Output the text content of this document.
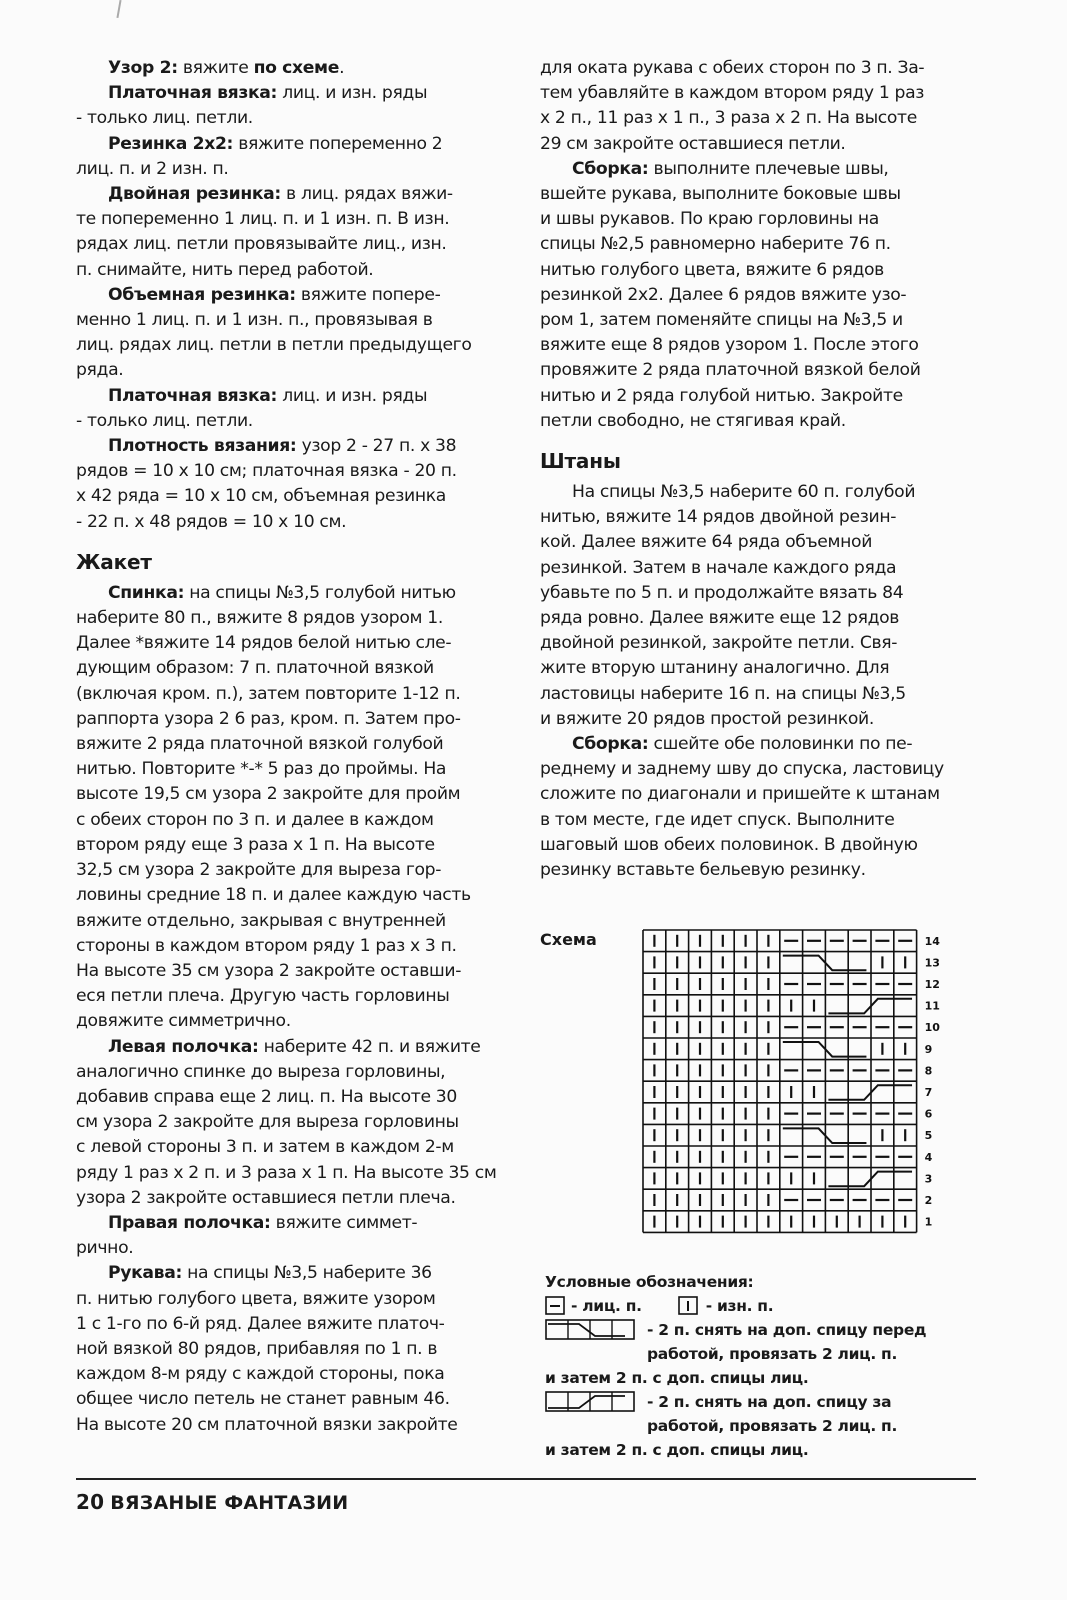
Узор 2: вяжите по схеме.
Платочная вязка: лиц. и изн. ряды
- только лиц. петли.
Резинка 2x2: вяжите попеременно 2
лиц. п. и 2 изн. п.
Двойная резинка: в лиц. рядах вяжи-
те попеременно 1 лиц. п. и 1 изн. п. В изн.
рядах лиц. петли провязывайте лиц., изн.
п. снимайте, нить перед работой.
Объемная резинка: вяжите попере-
менно 1 лиц. п. и 1 изн. п., провязывая в
лиц. рядах лиц. петли в петли предыдущего
ряда.
Платочная вязка: лиц. и изн. ряды
- только лиц. петли.
Плотность вязания: узор 2 - 27 п. х 38
рядов = 10 х 10 см; платочная вязка - 20 п.
х 42 ряда = 10 х 10 см, объемная резинка
- 22 п. х 48 рядов = 10 х 10 см.
Жакет
Спинка: на спицы №3,5 голубой нитью
наберите 80 п., вяжите 8 рядов узором 1.
Далее *вяжите 14 рядов белой нитью сле-
дующим образом: 7 п. платочной вязкой
(включая кром. п.), затем повторите 1-12 п.
раппорта узора 2 6 раз, кром. п. Затем про-
вяжите 2 ряда платочной вязкой голубой
нитью. Повторите *-* 5 раз до проймы. На
высоте 19,5 см узора 2 закройте для пройм
с обеих сторон по 3 п. и далее в каждом
втором ряду еще 3 раза х 1 п. На высоте
32,5 см узора 2 закройте для выреза гор-
ловины средние 18 п. и далее каждую часть
вяжите отдельно, закрывая с внутренней
стороны в каждом втором ряду 1 раз х 3 п.
На высоте 35 см узора 2 закройте оставши-
еся петли плеча. Другую часть горловины
довяжите симметрично.
Левая полочка: наберите 42 п. и вяжите
аналогично спинке до выреза горловины,
добавив справа еще 2 лиц. п. На высоте 30
см узора 2 закройте для выреза горловины
с левой стороны 3 п. и затем в каждом 2-м
ряду 1 раз х 2 п. и 3 раза х 1 п. На высоте 35 см
узора 2 закройте оставшиеся петли плеча.
Правая полочка: вяжите симмет-
рично.
Рукава: на спицы №3,5 наберите 36
п. нитью голубого цвета, вяжите узором
1 с 1-го по 6-й ряд. Далее вяжите платоч-
ной вязкой 80 рядов, прибавляя по 1 п. в
каждом 8-м ряду с каждой стороны, пока
общее число петель не станет равным 46.
На высоте 20 см платочной вязки закройте
для оката рукава с обеих сторон по 3 п. За-
тем убавляйте в каждом втором ряду 1 раз
х 2 п., 11 раз х 1 п., 3 раза х 2 п. На высоте
29 см закройте оставшиеся петли.
Сборка: выполните плечевые швы,
вшейте рукава, выполните боковые швы
и швы рукавов. По краю горловины на
спицы №2,5 равномерно наберите 76 п.
нитью голубого цвета, вяжите 6 рядов
резинкой 2x2. Далее 6 рядов вяжите узо-
ром 1, затем поменяйте спицы на №3,5 и
вяжите еще 8 рядов узором 1. После этого
провяжите 2 ряда платочной вязкой белой
нитью и 2 ряда голубой нитью. Закройте
петли свободно, не стягивая край.
Штаны
На спицы №3,5 наберите 60 п. голубой
нитью, вяжите 14 рядов двойной резин-
кой. Далее вяжите 64 ряда объемной
резинкой. Затем в начале каждого ряда
убавьте по 5 п. и продолжайте вязать 84
ряда ровно. Далее вяжите еще 12 рядов
двойной резинкой, закройте петли. Свя-
жите вторую штанину аналогично. Для
ластовицы наберите 16 п. на спицы №3,5
и вяжите 20 рядов простой резинкой.
Сборка: сшейте обе половинки по пе-
реднему и заднему шву до спуска, ластовицу
сложите по диагонали и пришейте к штанам
в том месте, где идет спуск. Выполните
шаговый шов обеих половинок. В двойную
резинку вставьте бельевую резинку.
Схема	14
13
12
11
10
9
8
7
6
5
4
3
2
1
Условные обозначения:
- лиц. п.	- изн. п.
- 2 п. снять на доп. спицу перед
работой, провязать 2 лиц. п.
и затем 2 п. с доп. спицы лиц.
- 2 п. снять на доп. спицу за
работой, провязать 2 лиц. п.
и затем 2 п. с доп. спицы лиц.
20 ВЯЗАНЫЕ ФАНТАЗИИ
